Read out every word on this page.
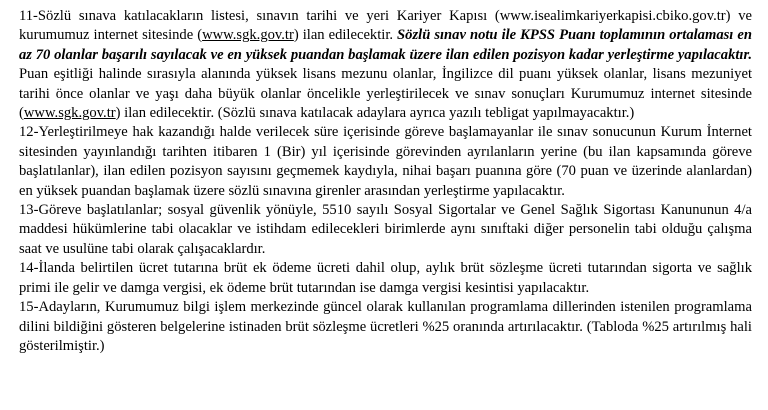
11-Sözlü sınava katılacakların listesi, sınavın tarihi ve yeri Kariyer Kapısı (www.isealimkariyerkapisi.cbiko.gov.tr) ve kurumumuz internet sitesinde (www.sgk.gov.tr) ilan edilecektir. Sözlü sınav notu ile KPSS Puanı toplamının ortalaması en az 70 olanlar başarılı sayılacak ve en yüksek puandan başlamak üzere ilan edilen pozisyon kadar yerleştirme yapılacaktır. Puan eşitliği halinde sırasıyla alanında yüksek lisans mezunu olanlar, İngilizce dil puanı yüksek olanlar, lisans mezuniyet tarihi önce olanlar ve yaşı daha büyük olanlar öncelikle yerleştirilecek ve sınav sonuçları Kurumumuz internet sitesinde (www.sgk.gov.tr) ilan edilecektir. (Sözlü sınava katılacak adaylara ayrıca yazılı tebligat yapılmayacaktır.)

12-Yerleştirilmeye hak kazandığı halde verilecek süre içerisinde göreve başlamayanlar ile sınav sonucunun Kurum İnternet sitesinden yayınlandığı tarihten itibaren 1 (Bir) yıl içerisinde görevinden ayrılanların yerine (bu ilan kapsamında göreve başlatılanlar), ilan edilen pozisyon sayısını geçmemek kaydıyla, nihai başarı puanına göre (70 puan ve üzerinde alanlardan) en yüksek puandan başlamak üzere sözlü sınavına girenler arasından yerleştirme yapılacaktır.

13-Göreve başlatılanlar; sosyal güvenlik yönüyle, 5510 sayılı Sosyal Sigortalar ve Genel Sağlık Sigortası Kanununun 4/a maddesi hükümlerine tabi olacaklar ve istihdam edilecekleri birimlerde aynı sınıftaki diğer personelin tabi olduğu çalışma saat ve usulüne tabi olarak çalışacaklardır.

14-İlanda belirtilen ücret tutarına brüt ek ödeme ücreti dahil olup, aylık brüt sözleşme ücreti tutarından sigorta ve sağlık primi ile gelir ve damga vergisi, ek ödeme brüt tutarından ise damga vergisi kesintisi yapılacaktır.

15-Adayların, Kurumumuz bilgi işlem merkezinde güncel olarak kullanılan programlama dillerinden istenilen programlama dilini bildiğini gösteren belgelerine istinaden brüt sözleşme ücretleri %25 oranında artırılacaktır. (Tabloda %25 artırılmış hali gösterilmiştir.)
